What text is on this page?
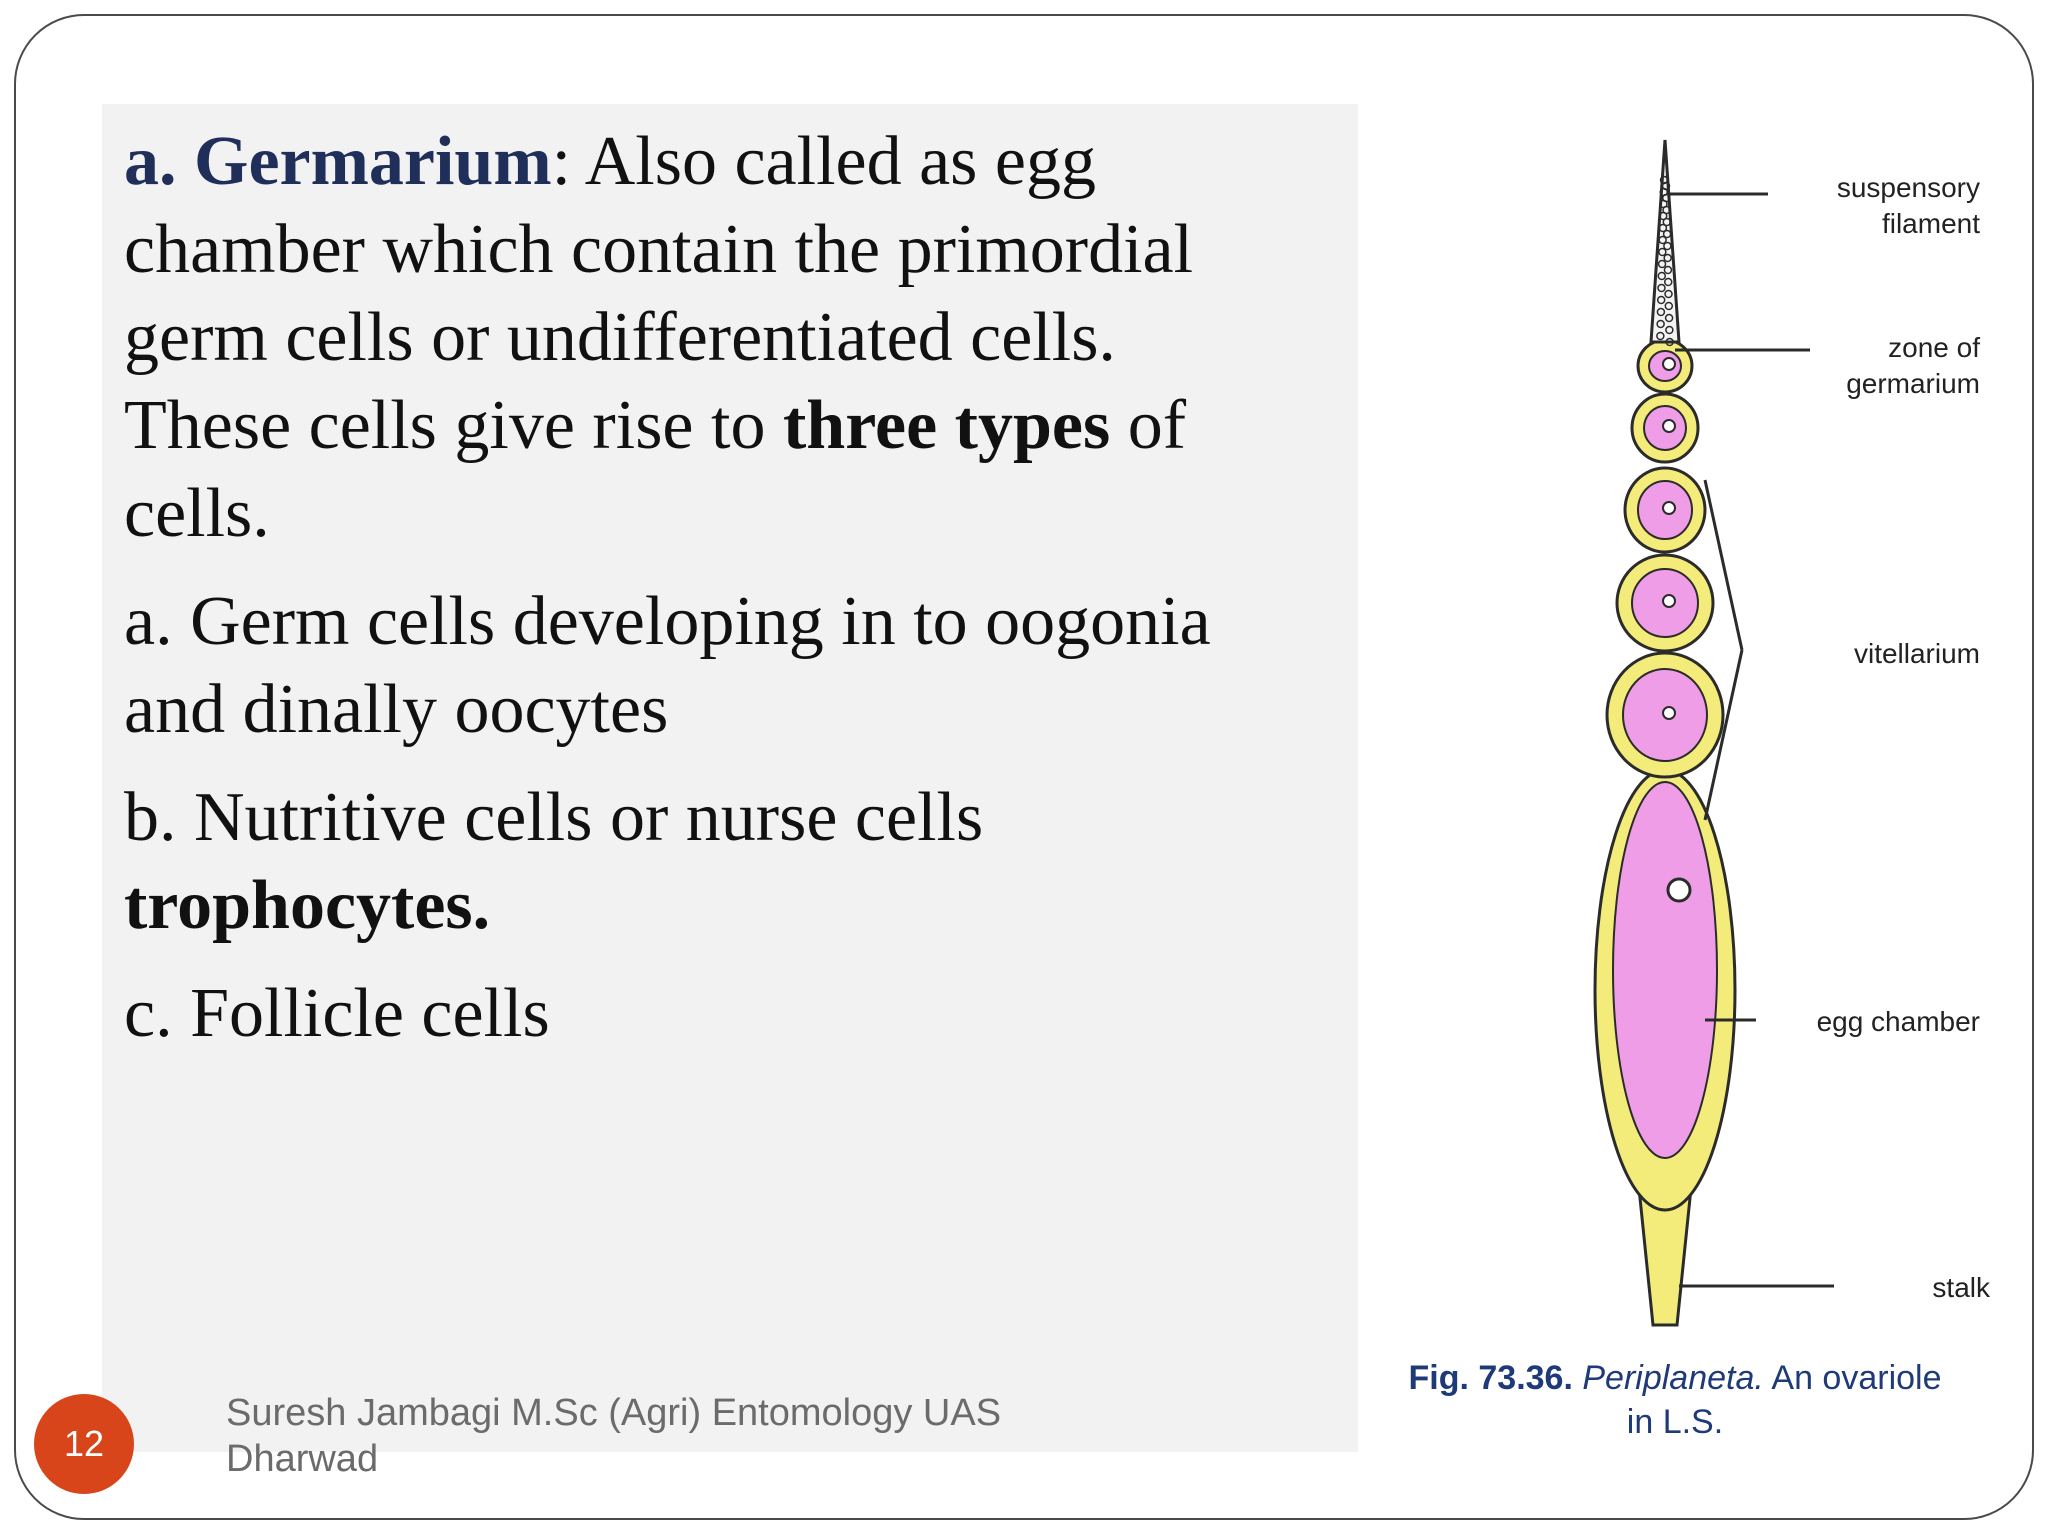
a. Germarium: Also called as egg
chamber which contain the primordial
germ cells or undifferentiated cells.
These cells give rise to three types of
cells.
a. Germ cells developing in to oogonia
and dinally oocytes
b. Nutritive cells or nurse cells
trophocytes.
c. Follicle cells
12
Suresh Jambagi M.Sc (Agri) Entomology UAS
Dharwad
suspensory
filament
zone of
germarium
vitellarium
egg chamber
stalk
Fig. 73.36. Periplaneta. An ovariole
in L.S.
